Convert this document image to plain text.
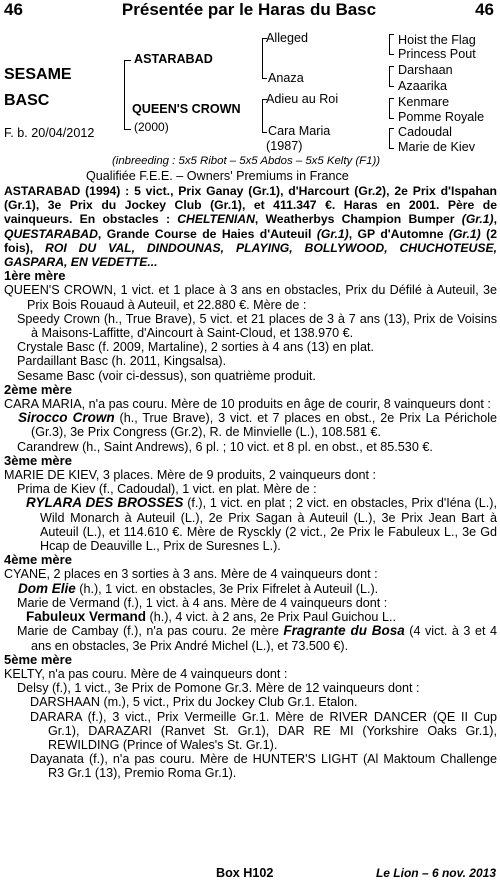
46	Présentée par le Haras du Basc	46
SESAME
BASC
F. b. 20/04/2012
ASTARABAD
QUEEN'S CROWN
(2000)
Alleged
Anaza
Adieu au Roi
Cara Maria
(1987)
Hoist the Flag
Princess Pout
Darshaan
Azaarika
Kenmare
Pomme Royale
Cadoudal
Marie de Kiev
(inbreeding : 5x5 Ribot – 5x5 Abdos – 5x5 Kelty (F1))
Qualifiée F.E.E. – Owners' Premiums in France

ASTARABAD (1994) : 5 vict., Prix Ganay (Gr.1), d'Harcourt (Gr.2), 2e Prix d'Ispahan (Gr.1), 3e Prix du Jockey Club (Gr.1), et 411.347 €. Haras en 2001. Père de vainqueurs. En obstacles : CHELTENIAN, Weatherbys Champion Bumper (Gr.1), QUESTARABAD, Grande Course de Haies d'Auteuil (Gr.1), GP d'Automne (Gr.1) (2 fois), ROI DU VAL, DINDOUNAS, PLAYING, BOLLYWOOD, CHUCHOTEUSE, GASPARA, EN VEDETTE...

1ère mère

QUEEN'S CROWN, 1 vict. et 1 place à 3 ans en obstacles, Prix du Défilé à Auteuil, 3e Prix Bois Rouaud à Auteuil, et 22.880 €. Mère de :

Speedy Crown (h., True Brave), 5 vict. et 21 places de 3 à 7 ans (13), Prix de Voisins à Maisons-Laffitte, d'Aincourt à Saint-Cloud, et 138.970 €.

Crystale Basc (f. 2009, Martaline), 2 sorties à 4 ans (13) en plat.

Pardaillant Basc (h. 2011, Kingsalsa).

Sesame Basc (voir ci-dessus), son quatrième produit.

2ème mère

CARA MARIA, n'a pas couru. Mère de 10 produits en âge de courir, 8 vainqueurs dont :

Sirocco Crown (h., True Brave), 3 vict. et 7 places en obst., 2e Prix La Périchole (Gr.3), 3e Prix Congress (Gr.2), R. de Minvielle (L.), 108.581 €.

Carandrew (h., Saint Andrews), 6 pl. ; 10 vict. et 8 pl. en obst., et 85.530 €.

3ème mère

MARIE DE KIEV, 3 places. Mère de 9 produits, 2 vainqueurs dont :

Prima de Kiev (f., Cadoudal), 1 vict. en plat. Mère de :

RYLARA DES BROSSES (f.), 1 vict. en plat ; 2 vict. en obstacles, Prix d'Iéna (L.), Wild Monarch à Auteuil (L.), 2e Prix Sagan à Auteuil (L.), 3e Prix Jean Bart à Auteuil (L.), et 114.610 €. Mère de Rysckly (2 vict., 2e Prix le Fabuleux L., 3e Gd Hcap de Deauville L., Prix de Suresnes L.).

4ème mère

CYANE, 2 places en 3 sorties à 3 ans. Mère de 4 vainqueurs dont :

Dom Elie (h.), 1 vict. en obstacles, 3e Prix Fifrelet à Auteuil (L.).

Marie de Vermand (f.), 1 vict. à 4 ans. Mère de 4 vainqueurs dont :

Fabuleux Vermand (h.), 4 vict. à 2 ans, 2e Prix Paul Guichou L..

Marie de Cambay (f.), n'a pas couru. 2e mère Fragrante du Bosa (4 vict. à 3 et 4 ans en obstacles, 3e Prix André Michel (L.), et 73.500 €).

5ème mère

KELTY, n'a pas couru. Mère de 4 vainqueurs dont :

Delsy (f.), 1 vict., 3e Prix de Pomone Gr.3. Mère de 12 vainqueurs dont :

DARSHAAN (m.), 5 vict., Prix du Jockey Club Gr.1. Etalon.

DARARA (f.), 3 vict., Prix Vermeille Gr.1. Mère de RIVER DANCER (QE II Cup Gr.1), DARAZARI (Ranvet St. Gr.1), DAR RE MI (Yorkshire Oaks Gr.1), REWILDING (Prince of Wales's St. Gr.1).

Dayanata (f.), n'a pas couru. Mère de HUNTER'S LIGHT (Al Maktoum Challenge R3 Gr.1 (13), Premio Roma Gr.1).

Box H102	Le Lion – 6 nov. 2013
